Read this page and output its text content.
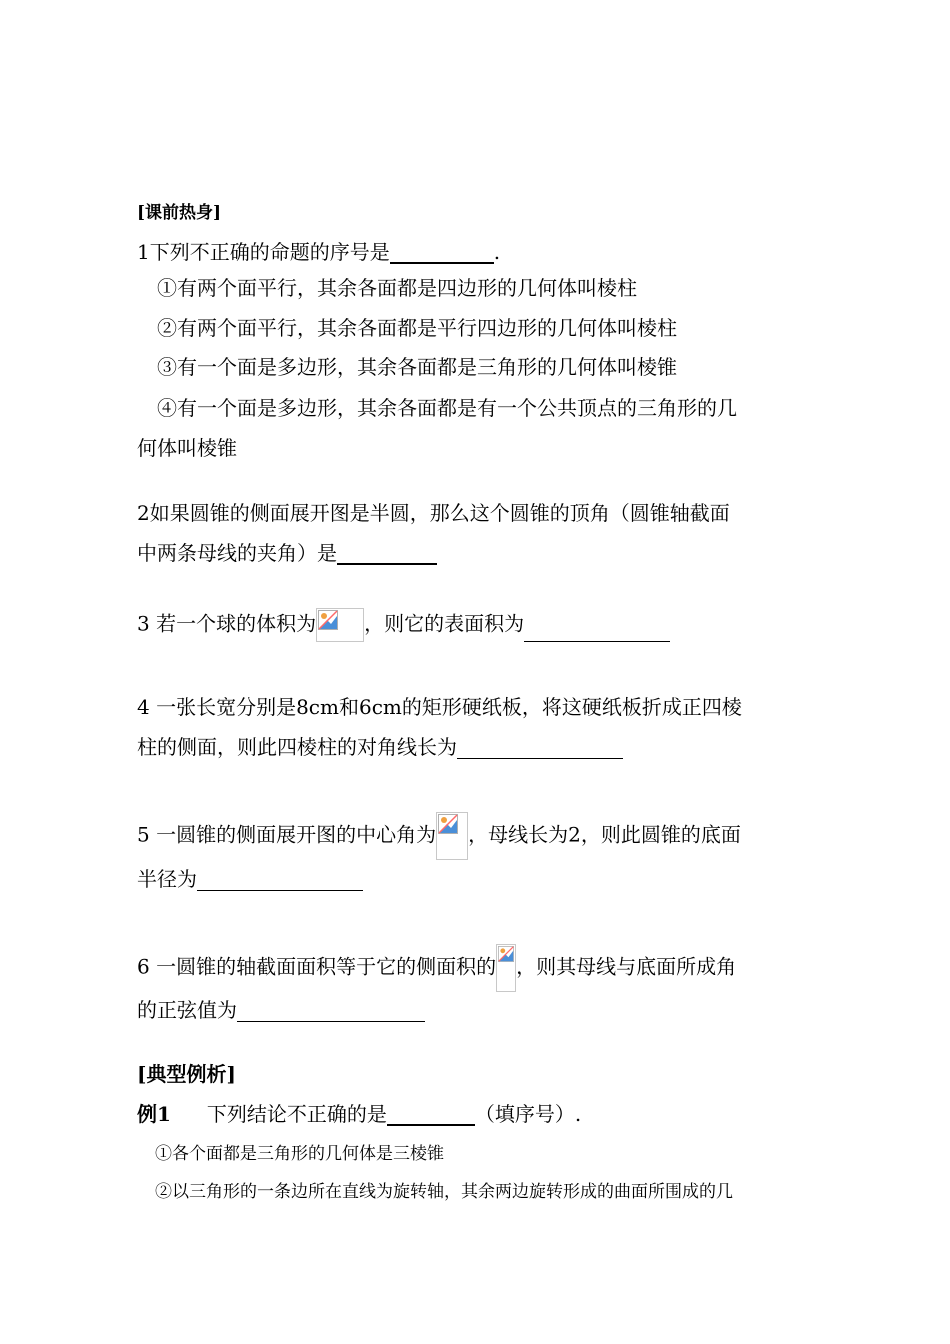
[课前热身]
1下列不正确的命题的序号是	.
①有两个面平行，其余各面都是四边形的几何体叫棱柱
②有两个面平行，其余各面都是平行四边形的几何体叫棱柱
③有一个面是多边形，其余各面都是三角形的几何体叫棱锥
④有一个面是多边形，其余各面都是有一个公共顶点的三角形的几
何体叫棱锥
2如果圆锥的侧面展开图是半圆，那么这个圆锥的顶角（圆锥轴截面
中两条母线的夹角）是
3 若一个球的体积为 ，则它的表面积为
4 一张长宽分别是8cm和6cm的矩形硬纸板，将这硬纸板折成正四棱
柱的侧面，则此四棱柱的对角线长为
5 一圆锥的侧面展开图的中心角为 ，母线长为2，则此圆锥的底面
半径为
6 一圆锥的轴截面面积等于它的侧面积的 ，则其母线与底面所成角
的正弦值为
[典型例析]
例1 下列结论不正确的是	（填序号）.
①各个面都是三角形的几何体是三棱锥
②以三角形的一条边所在直线为旋转轴，其余两边旋转形成的曲面所围成的几
